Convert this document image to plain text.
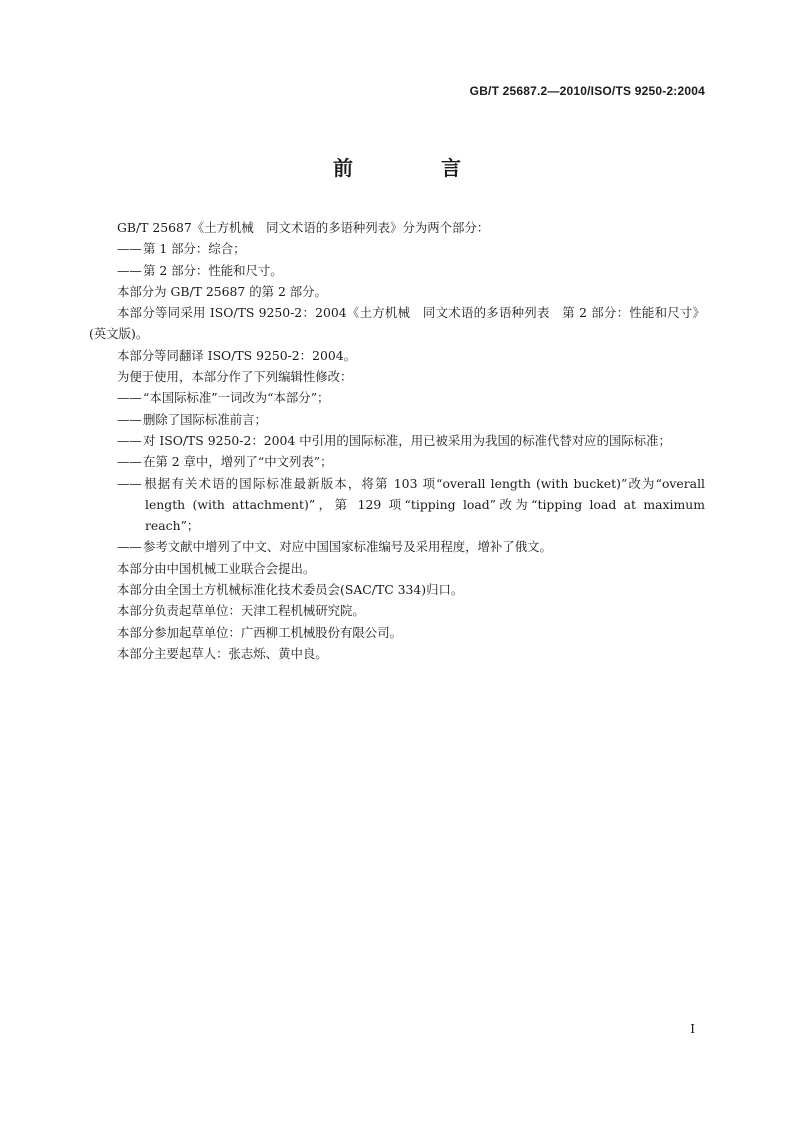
GB/T 25687.2—2010/ISO/TS 9250-2:2004
前　言
GB/T 25687《土方机械　同文术语的多语种列表》分为两个部分：
——第 1 部分：综合；
——第 2 部分：性能和尺寸。
本部分为 GB/T 25687 的第 2 部分。
本部分等同采用 ISO/TS 9250-2：2004《土方机械　同文术语的多语种列表　第 2 部分：性能和尺寸》(英文版)。
本部分等同翻译 ISO/TS 9250-2：2004。
为便于使用，本部分作了下列编辑性修改：
——“本国际标准”一词改为“本部分”；
——删除了国际标准前言；
——对 ISO/TS 9250-2：2004 中引用的国际标准，用已被采用为我国的标准代替对应的国际标准；
——在第 2 章中，增列了“中文列表”；
——根据有关术语的国际标准最新版本，将第 103 项“overall length (with bucket)”改为“overall length (with attachment)”，第 129 项“tipping load”改为“tipping load at maximum reach”；
——参考文献中增列了中文、对应中国国家标准编号及采用程度，增补了俄文。
本部分由中国机械工业联合会提出。
本部分由全国土方机械标准化技术委员会(SAC/TC 334)归口。
本部分负责起草单位：天津工程机械研究院。
本部分参加起草单位：广西柳工机械股份有限公司。
本部分主要起草人：张志烁、黄中良。
I
